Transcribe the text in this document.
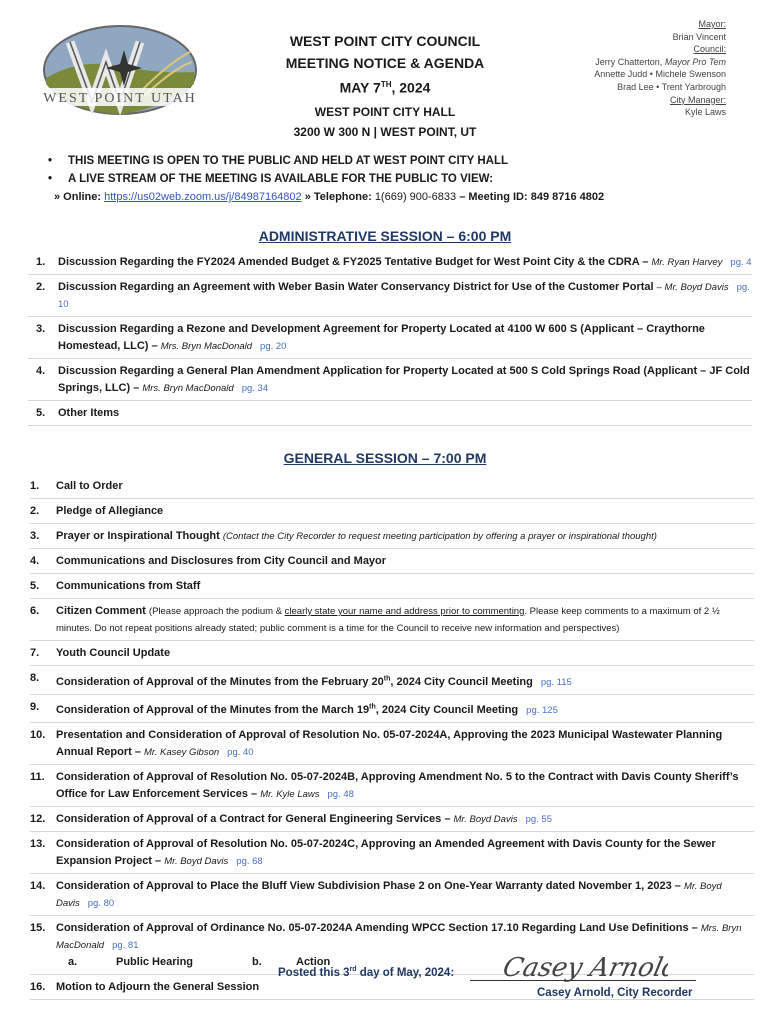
WEST POINT UTAH
WEST POINT CITY COUNCIL
MEETING NOTICE & AGENDA
MAY 7TH, 2024
WEST POINT CITY HALL
3200 W 300 N | WEST POINT, UT
Mayor:
Brian Vincent
Council:
Jerry Chatterton, Mayor Pro Tem
Annette Judd • Michele Swenson
Brad Lee • Trent Yarbrough
City Manager:
Kyle Laws
• THIS MEETING IS OPEN TO THE PUBLIC AND HELD AT WEST POINT CITY HALL
• A LIVE STREAM OF THE MEETING IS AVAILABLE FOR THE PUBLIC TO VIEW:
» Online: https://us02web.zoom.us/j/84987164802 » Telephone: 1(669) 900-6833 – Meeting ID: 849 8716 4802
ADMINISTRATIVE SESSION – 6:00 PM
1. Discussion Regarding the FY2024 Amended Budget & FY2025 Tentative Budget for West Point City & the CDRA – Mr. Ryan Harvey pg. 4
2. Discussion Regarding an Agreement with Weber Basin Water Conservancy District for Use of the Customer Portal – Mr. Boyd Davis pg. 10
3. Discussion Regarding a Rezone and Development Agreement for Property Located at 4100 W 600 S (Applicant – Craythorne Homestead, LLC) – Mrs. Bryn MacDonald pg. 20
4. Discussion Regarding a General Plan Amendment Application for Property Located at 500 S Cold Springs Road (Applicant – JF Cold Springs, LLC) – Mrs. Bryn MacDonald pg. 34
5. Other Items
GENERAL SESSION – 7:00 PM
1. Call to Order
2. Pledge of Allegiance
3. Prayer or Inspirational Thought (Contact the City Recorder to request meeting participation by offering a prayer or inspirational thought)
4. Communications and Disclosures from City Council and Mayor
5. Communications from Staff
6. Citizen Comment (Please approach the podium & clearly state your name and address prior to commenting. Please keep comments to a maximum of 2 ½ minutes. Do not repeat positions already stated; public comment is a time for the Council to receive new information and perspectives)
7. Youth Council Update
8. Consideration of Approval of the Minutes from the February 20th, 2024 City Council Meeting pg. 115
9. Consideration of Approval of the Minutes from the March 19th, 2024 City Council Meeting pg. 125
10. Presentation and Consideration of Approval of Resolution No. 05-07-2024A, Approving the 2023 Municipal Wastewater Planning Annual Report – Mr. Kasey Gibson pg. 40
11. Consideration of Approval of Resolution No. 05-07-2024B, Approving Amendment No. 5 to the Contract with Davis County Sheriff’s Office for Law Enforcement Services – Mr. Kyle Laws pg. 48
12. Consideration of Approval of a Contract for General Engineering Services – Mr. Boyd Davis pg. 55
13. Consideration of Approval of Resolution No. 05-07-2024C, Approving an Amended Agreement with Davis County for the Sewer Expansion Project – Mr. Boyd Davis pg. 68
14. Consideration of Approval to Place the Bluff View Subdivision Phase 2 on One-Year Warranty dated November 1, 2023 – Mr. Boyd Davis pg. 80
15. Consideration of Approval of Ordinance No. 05-07-2024A Amending WPCC Section 17.10 Regarding Land Use Definitions – Mrs. Bryn MacDonald pg. 81
a.	Public Hearing	b.	Action
16. Motion to Adjourn the General Session
Posted this 3rd day of May, 2024: Casey Arnold
Casey Arnold, City Recorder
